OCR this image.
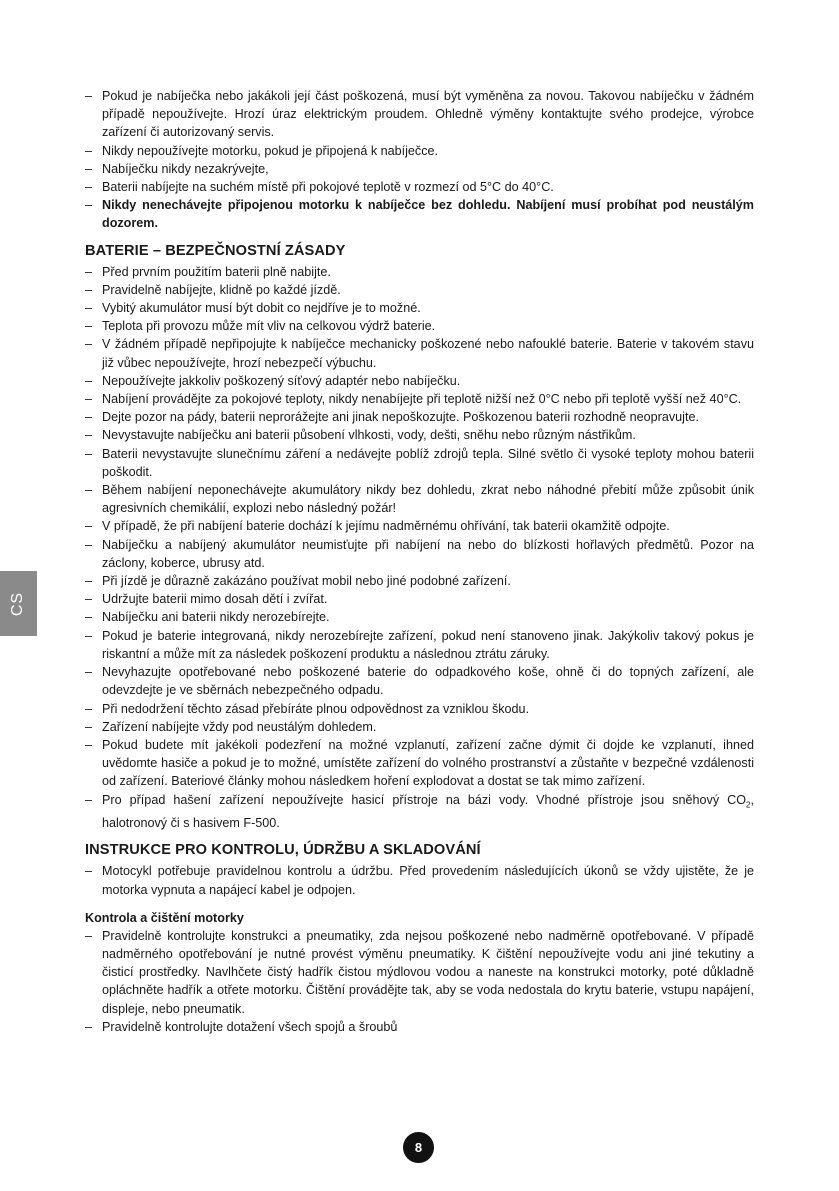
CS
– Pokud je nabíječka nebo jakákoli její část poškozená, musí být vyměněna za novou. Takovou nabíječku v žádném případě nepoužívejte. Hrozí úraz elektrickým proudem. Ohledně výměny kontaktujte svého prodejce, výrobce zařízení či autorizovaný servis.
– Nikdy nepoužívejte motorku, pokud je připojená k nabíječce.
– Nabíječku nikdy nezakrývejte,
– Baterii nabíjejte na suchém místě při pokojové teplotě v rozmezí od 5°C do 40°C.
– Nikdy nenechávejte připojenou motorku k nabíječce bez dohledu. Nabíjení musí probíhat pod neustálým dozorem.
BATERIE – BEZPEČNOSTNÍ ZÁSADY
– Před prvním použitím baterii plně nabijte.
– Pravidelně nabíjejte, klidně po každé jízdě.
– Vybitý akumulátor musí být dobit co nejdříve je to možné.
– Teplota při provozu může mít vliv na celkovou výdrž baterie.
– V žádném případě nepřipojujte k nabíječce mechanicky poškozené nebo nafouklé baterie. Baterie v takovém stavu již vůbec nepoužívejte, hrozí nebezpečí výbuchu.
– Nepoužívejte jakkoliv poškozený síťový adaptér nebo nabíječku.
– Nabíjení provádějte za pokojové teploty, nikdy nenabíjejte při teplotě nižší než 0°C nebo při teplotě vyšší než 40°C.
– Dejte pozor na pády, baterii neprorážejte ani jinak nepoškozujte. Poškozenou baterii rozhodně neopravujte.
– Nevystavujte nabíječku ani baterii působení vlhkosti, vody, dešti, sněhu nebo různým nástřikům.
– Baterii nevystavujte slunečnímu záření a nedávejte poblíž zdrojů tepla. Silné světlo či vysoké teploty mohou baterii poškodit.
– Během nabíjení neponechávejte akumulátory nikdy bez dohledu, zkrat nebo náhodné přebití může způsobit únik agresivních chemikálií, explozi nebo následný požár!
– V případě, že při nabíjení baterie dochází k jejímu nadměrnému ohřívání, tak baterii okamžitě odpojte.
– Nabíječku a nabíjený akumulátor neumisťujte při nabíjení na nebo do blízkosti hořlavých předmětů. Pozor na záclony, koberce, ubrusy atd.
– Při jízdě je důrazně zakázáno používat mobil nebo jiné podobné zařízení.
– Udržujte baterii mimo dosah dětí i zvířat.
– Nabíječku ani baterii nikdy nerozebírejte.
– Pokud je baterie integrovaná, nikdy nerozebírejte zařízení, pokud není stanoveno jinak. Jakýkoliv takový pokus je riskantní a může mít za následek poškození produktu a následnou ztrátu záruky.
– Nevyhazujte opotřebované nebo poškozené baterie do odpadkového koše, ohně či do topných zařízení, ale odevzdejte je ve sběrnách nebezpečného odpadu.
– Při nedodržení těchto zásad přebíráte plnou odpovědnost za vzniklou škodu.
– Zařízení nabíjejte vždy pod neustálým dohledem.
– Pokud budete mít jakékoli podezření na možné vzplanutí, zařízení začne dýmit či dojde ke vzplanutí, ihned uvědomte hasiče a pokud je to možné, umístěte zařízení do volného prostranství a zůstaňte v bezpečné vzdálenosti od zařízení. Bateriové články mohou následkem hoření explodovat a dostat se tak mimo zařízení.
– Pro případ hašení zařízení nepoužívejte hasicí přístroje na bázi vody. Vhodné přístroje jsou sněhový $CO_2$, halotronový či s hasivem F-500.
INSTRUKCE PRO KONTROLU, ÚDRŽBU A SKLADOVÁNÍ
– Motocykl potřebuje pravidelnou kontrolu a údržbu. Před provedením následujících úkonů se vždy ujistěte, že je motorka vypnuta a napájecí kabel je odpojen.
Kontrola a čištění motorky
– Pravidelně kontrolujte konstrukci a pneumatiky, zda nejsou poškozené nebo nadměrně opotřebované. V případě nadměrného opotřebování je nutné provést výměnu pneumatiky. K čištění nepoužívejte vodu ani jiné tekutiny a čisticí prostředky. Navlhčete čistý hadřík čistou mýdlovou vodou a naneste na konstrukci motorky, poté důkladně opláchněte hadřík a otřete motorku. Čištění provádějte tak, aby se voda nedostala do krytu baterie, vstupu napájení, displeje, nebo pneumatik.
– Pravidelně kontrolujte dotažení všech spojů a šroubů
8
